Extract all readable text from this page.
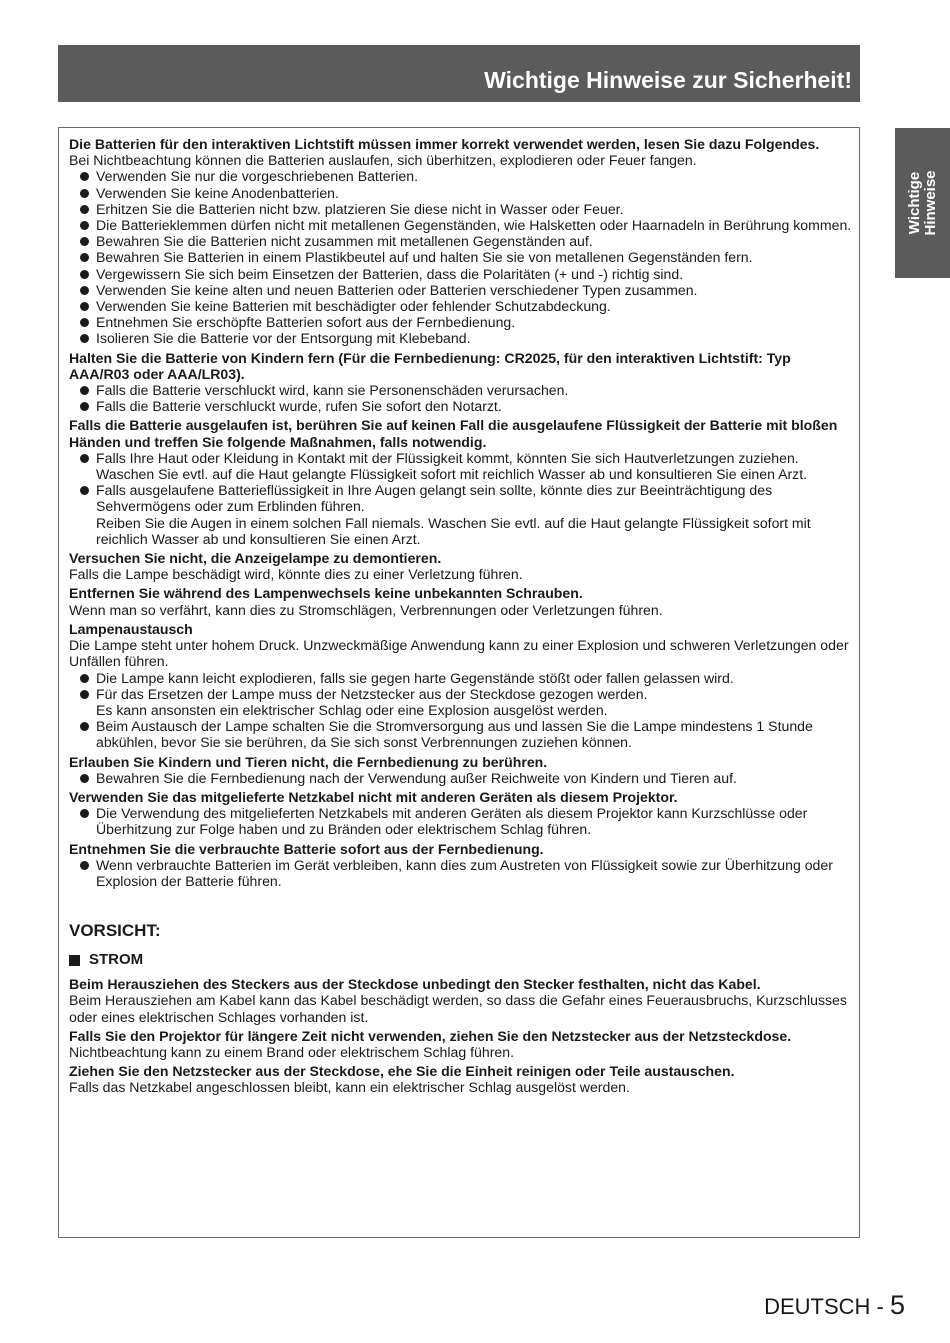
Wichtige Hinweise zur Sicherheit!
Wichtige Hinweise
Die Batterien für den interaktiven Lichtstift müssen immer korrekt verwendet werden, lesen Sie dazu Folgendes.
Bei Nichtbeachtung können die Batterien auslaufen, sich überhitzen, explodieren oder Feuer fangen.
Verwenden Sie nur die vorgeschriebenen Batterien.
Verwenden Sie keine Anodenbatterien.
Erhitzen Sie die Batterien nicht bzw. platzieren Sie diese nicht in Wasser oder Feuer.
Die Batterieklemmen dürfen nicht mit metallenen Gegenständen, wie Halsketten oder Haarnadeln in Berührung kommen.
Bewahren Sie die Batterien nicht zusammen mit metallenen Gegenständen auf.
Bewahren Sie Batterien in einem Plastikbeutel auf und halten Sie sie von metallenen Gegenständen fern.
Vergewissern Sie sich beim Einsetzen der Batterien, dass die Polaritäten (+ und -) richtig sind.
Verwenden Sie keine alten und neuen Batterien oder Batterien verschiedener Typen zusammen.
Verwenden Sie keine Batterien mit beschädigter oder fehlender Schutzabdeckung.
Entnehmen Sie erschöpfte Batterien sofort aus der Fernbedienung.
Isolieren Sie die Batterie vor der Entsorgung mit Klebeband.
Halten Sie die Batterie von Kindern fern (Für die Fernbedienung: CR2025, für den interaktiven Lichtstift: Typ AAA/R03 oder AAA/LR03).
Falls die Batterie verschluckt wird, kann sie Personenschäden verursachen.
Falls die Batterie verschluckt wurde, rufen Sie sofort den Notarzt.
Falls die Batterie ausgelaufen ist, berühren Sie auf keinen Fall die ausgelaufene Flüssigkeit der Batterie mit bloßen Händen und treffen Sie folgende Maßnahmen, falls notwendig.
Falls Ihre Haut oder Kleidung in Kontakt mit der Flüssigkeit kommt, könnten Sie sich Hautverletzungen zuziehen. Waschen Sie evtl. auf die Haut gelangte Flüssigkeit sofort mit reichlich Wasser ab und konsultieren Sie einen Arzt.
Falls ausgelaufene Batterieflüssigkeit in Ihre Augen gelangt sein sollte, könnte dies zur Beeinträchtigung des Sehvermögens oder zum Erblinden führen.
Reiben Sie die Augen in einem solchen Fall niemals. Waschen Sie evtl. auf die Haut gelangte Flüssigkeit sofort mit reichlich Wasser ab und konsultieren Sie einen Arzt.
Versuchen Sie nicht, die Anzeigelampe zu demontieren.
Falls die Lampe beschädigt wird, könnte dies zu einer Verletzung führen.
Entfernen Sie während des Lampenwechsels keine unbekannten Schrauben.
Wenn man so verfährt, kann dies zu Stromschlägen, Verbrennungen oder Verletzungen führen.
Lampenaustausch
Die Lampe steht unter hohem Druck. Unzweckmäßige Anwendung kann zu einer Explosion und schweren Verletzungen oder Unfällen führen.
Die Lampe kann leicht explodieren, falls sie gegen harte Gegenstände stößt oder fallen gelassen wird.
Für das Ersetzen der Lampe muss der Netzstecker aus der Steckdose gezogen werden.
Es kann ansonsten ein elektrischer Schlag oder eine Explosion ausgelöst werden.
Beim Austausch der Lampe schalten Sie die Stromversorgung aus und lassen Sie die Lampe mindestens 1 Stunde abkühlen, bevor Sie sie berühren, da Sie sich sonst Verbrennungen zuziehen können.
Erlauben Sie Kindern und Tieren nicht, die Fernbedienung zu berühren.
Bewahren Sie die Fernbedienung nach der Verwendung außer Reichweite von Kindern und Tieren auf.
Verwenden Sie das mitgelieferte Netzkabel nicht mit anderen Geräten als diesem Projektor.
Die Verwendung des mitgelieferten Netzkabels mit anderen Geräten als diesem Projektor kann Kurzschlüsse oder Überhitzung zur Folge haben und zu Bränden oder elektrischem Schlag führen.
Entnehmen Sie die verbrauchte Batterie sofort aus der Fernbedienung.
Wenn verbrauchte Batterien im Gerät verbleiben, kann dies zum Austreten von Flüssigkeit sowie zur Überhitzung oder Explosion der Batterie führen.
VORSICHT:
STROM
Beim Herausziehen des Steckers aus der Steckdose unbedingt den Stecker festhalten, nicht das Kabel.
Beim Herausziehen am Kabel kann das Kabel beschädigt werden, so dass die Gefahr eines Feuerausbruchs, Kurzschlusses oder eines elektrischen Schlages vorhanden ist.
Falls Sie den Projektor für längere Zeit nicht verwenden, ziehen Sie den Netzstecker aus der Netzsteckdose.
Nichtbeachtung kann zu einem Brand oder elektrischem Schlag führen.
Ziehen Sie den Netzstecker aus der Steckdose, ehe Sie die Einheit reinigen oder Teile austauschen.
Falls das Netzkabel angeschlossen bleibt, kann ein elektrischer Schlag ausgelöst werden.
DEUTSCH - 5
